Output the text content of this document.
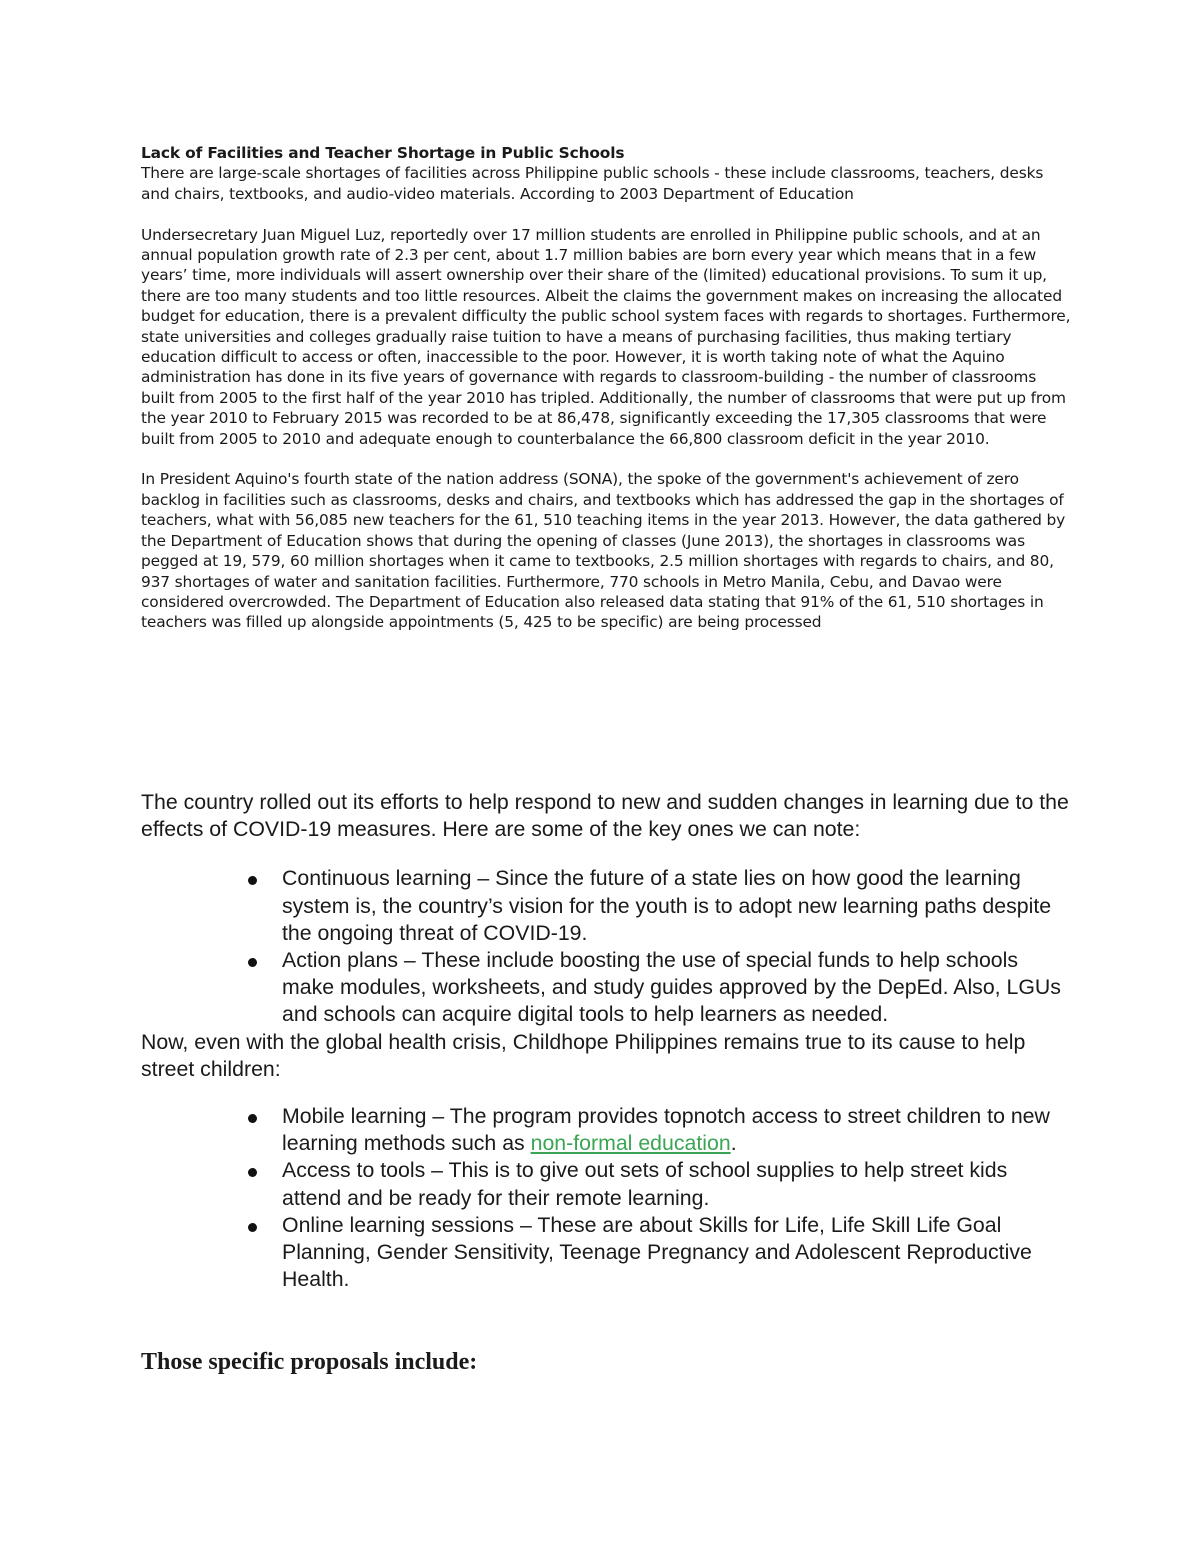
Lack of Facilities and Teacher Shortage in Public Schools

There are large-scale shortages of facilities across Philippine public schools - these include classrooms, teachers, desks and chairs, textbooks, and audio-video materials. According to 2003 Department of Education

Undersecretary Juan Miguel Luz, reportedly over 17 million students are enrolled in Philippine public schools, and at an annual population growth rate of 2.3 per cent, about 1.7 million babies are born every year which means that in a few years’ time, more individuals will assert ownership over their share of the (limited) educational provisions. To sum it up, there are too many students and too little resources. Albeit the claims the government makes on increasing the allocated budget for education, there is a prevalent difficulty the public school system faces with regards to shortages. Furthermore, state universities and colleges gradually raise tuition to have a means of purchasing facilities, thus making tertiary education difficult to access or often, inaccessible to the poor. However, it is worth taking note of what the Aquino administration has done in its five years of governance with regards to classroom-building - the number of classrooms built from 2005 to the first half of the year 2010 has tripled. Additionally, the number of classrooms that were put up from the year 2010 to February 2015 was recorded to be at 86,478, significantly exceeding the 17,305 classrooms that were built from 2005 to 2010 and adequate enough to counterbalance the 66,800 classroom deficit in the year 2010.

In President Aquino's fourth state of the nation address (SONA), the spoke of the government's achievement of zero backlog in facilities such as classrooms, desks and chairs, and textbooks which has addressed the gap in the shortages of teachers, what with 56,085 new teachers for the 61, 510 teaching items in the year 2013. However, the data gathered by the Department of Education shows that during the opening of classes (June 2013), the shortages in classrooms was pegged at 19, 579, 60 million shortages when it came to textbooks, 2.5 million shortages with regards to chairs, and 80, 937 shortages of water and sanitation facilities. Furthermore, 770 schools in Metro Manila, Cebu, and Davao were considered overcrowded. The Department of Education also released data stating that 91% of the 61, 510 shortages in teachers was filled up alongside appointments (5, 425 to be specific) are being processed

The country rolled out its efforts to help respond to new and sudden changes in learning due to the effects of COVID-19 measures. Here are some of the key ones we can note:

Continuous learning – Since the future of a state lies on how good the learning system is, the country’s vision for the youth is to adopt new learning paths despite the ongoing threat of COVID-19.
Action plans – These include boosting the use of special funds to help schools make modules, worksheets, and study guides approved by the DepEd. Also, LGUs and schools can acquire digital tools to help learners as needed.

Now, even with the global health crisis, Childhope Philippines remains true to its cause to help street children:

Mobile learning – The program provides topnotch access to street children to new learning methods such as non-formal education.
Access to tools – This is to give out sets of school supplies to help street kids attend and be ready for their remote learning.
Online learning sessions – These are about Skills for Life, Life Skill Life Goal Planning, Gender Sensitivity, Teenage Pregnancy and Adolescent Reproductive Health.
Those specific proposals include:
